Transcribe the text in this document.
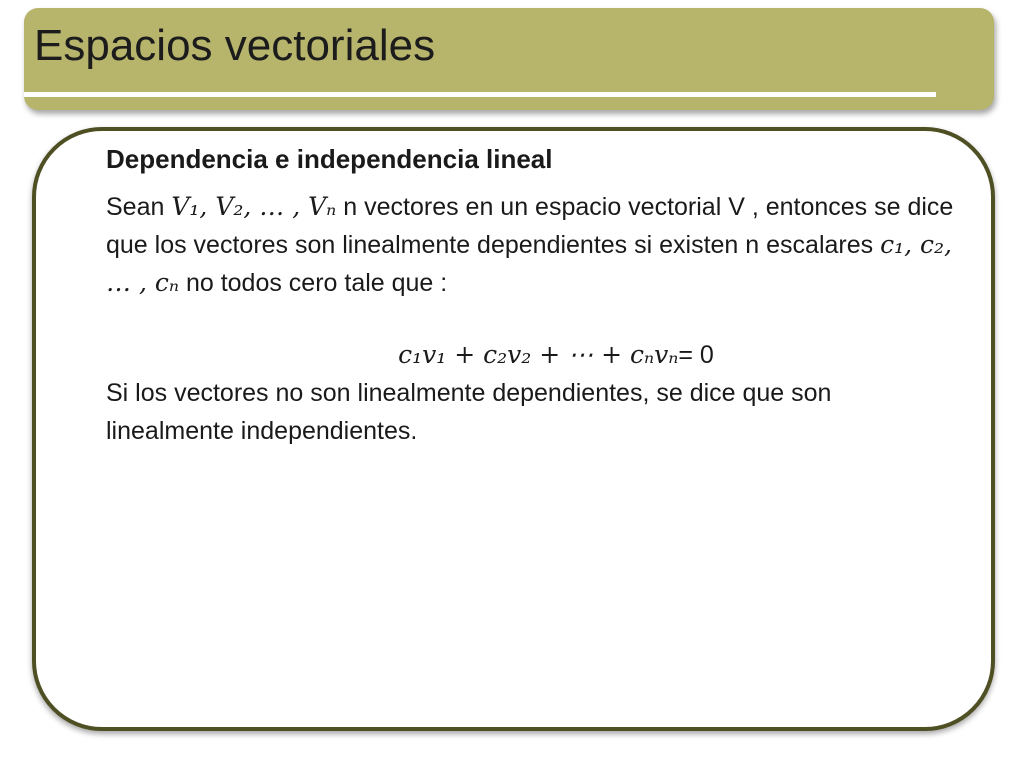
Espacios vectoriales
Dependencia e independencia lineal

Sean V₁, V₂, … , Vₙ n vectores en un espacio vectorial V , entonces se dice que los vectores son linealmente dependientes si existen n escalares c₁, c₂, … , cₙ no todos cero tale que :

c₁v₁ + c₂v₂ + ⋯ + cₙvₙ= 0

Si los vectores no son linealmente dependientes, se dice que son linealmente independientes.
